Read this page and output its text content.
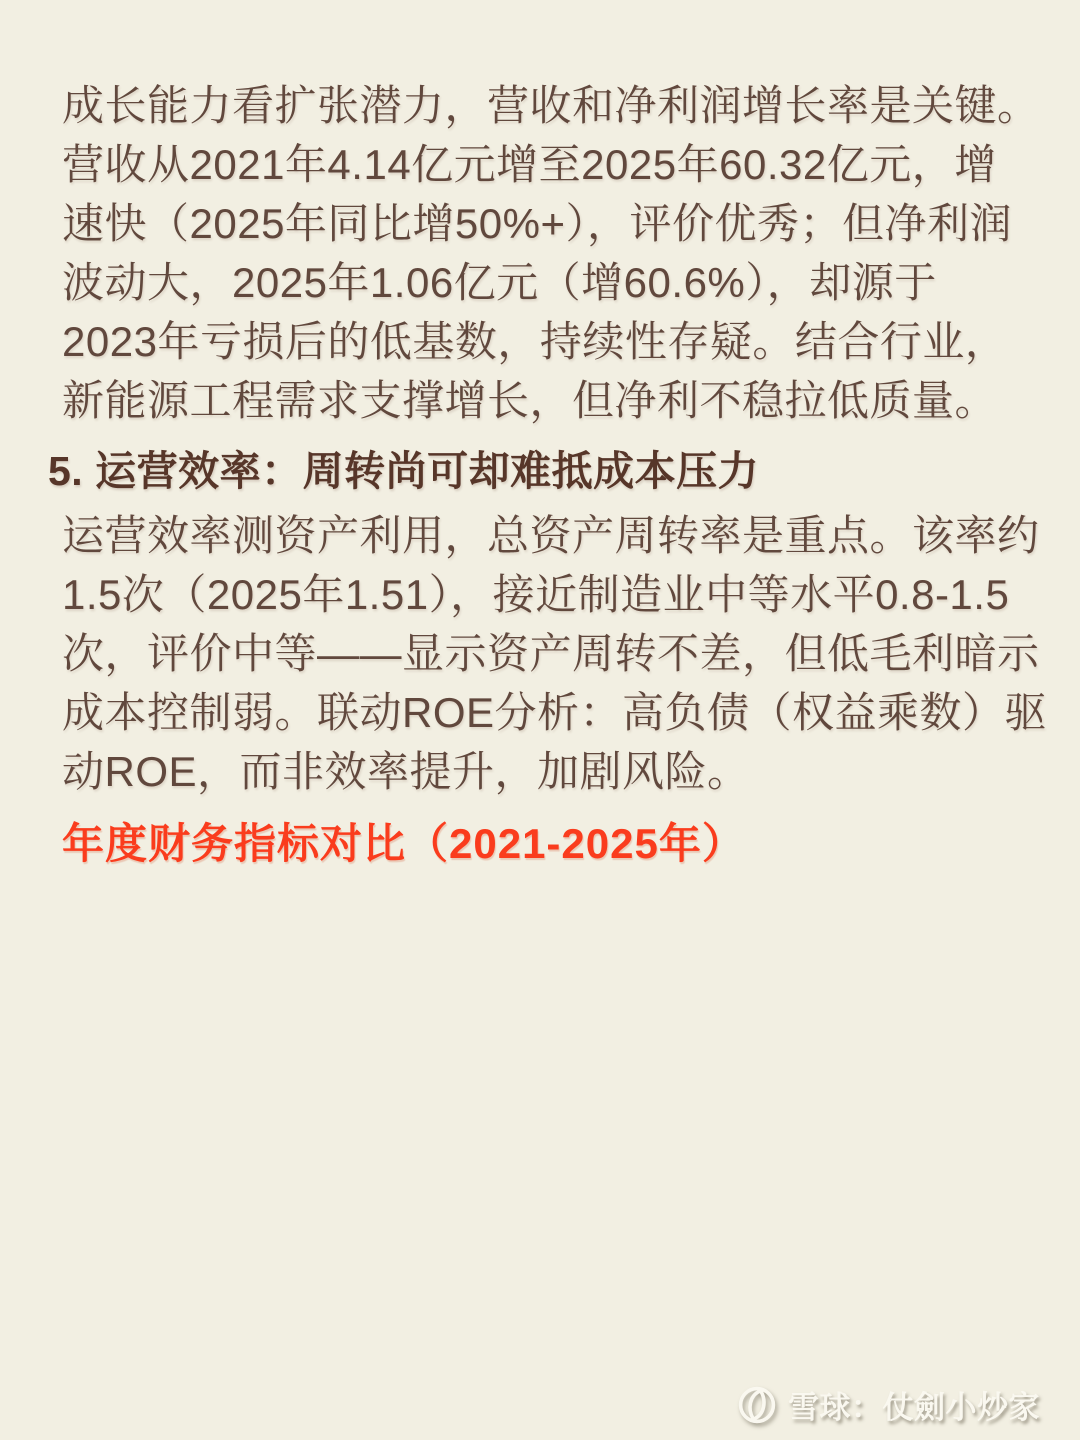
成长能力看扩张潜力，营收和净利润增长率是关键。
营收从2021年4.14亿元增至2025年60.32亿元，增
速快（2025年同比增50%+），评价优秀；但净利润
波动大，2025年1.06亿元（增60.6%），却源于
2023年亏损后的低基数，持续性存疑。结合行业，
新能源工程需求支撑增长，但净利不稳拉低质量。

5. 运营效率：周转尚可却难抵成本压力

运营效率测资产利用，总资产周转率是重点。该率约
1.5次（2025年1.51），接近制造业中等水平0.8-1.5
次，评价中等——显示资产周转不差，但低毛利暗示
成本控制弱。联动ROE分析：高负债（权益乘数）驱
动ROE，而非效率提升，加剧风险。

年度财务指标对比（2021-2025年）
雪球：仗劍小炒家
